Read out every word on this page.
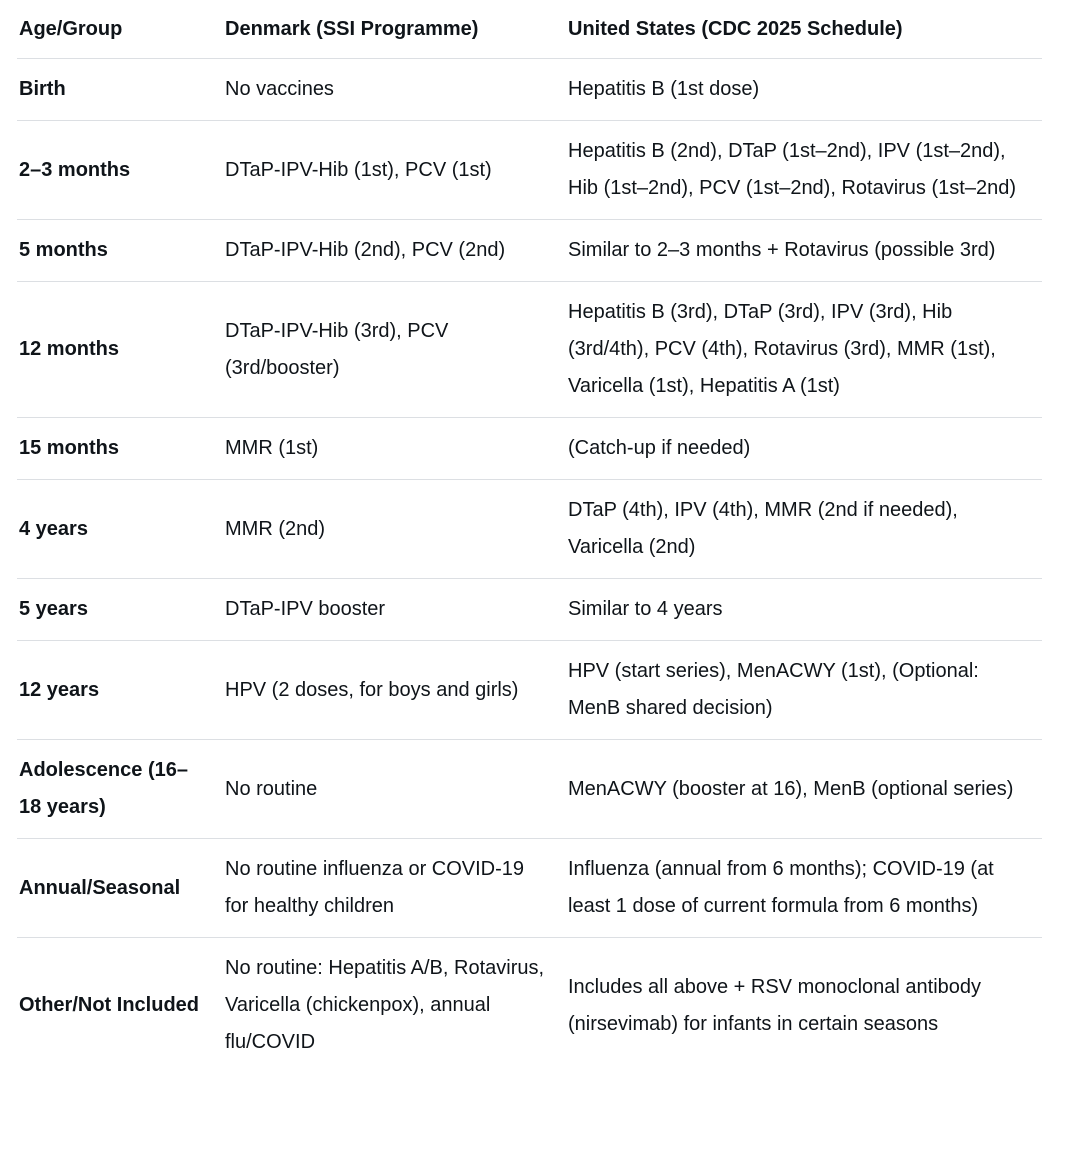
Age/Group	Denmark (SSI Programme)	United States (CDC 2025 Schedule)
Birth	No vaccines	Hepatitis B (1st dose)
2–3 months	DTaP-IPV-Hib (1st), PCV (1st)	Hepatitis B (2nd), DTaP (1st–2nd), IPV (1st–2nd), Hib (1st–2nd), PCV (1st–2nd), Rotavirus (1st–2nd)
5 months	DTaP-IPV-Hib (2nd), PCV (2nd)	Similar to 2–3 months + Rotavirus (possible 3rd)
12 months	DTaP-IPV-Hib (3rd), PCV (3rd/booster)	Hepatitis B (3rd), DTaP (3rd), IPV (3rd), Hib (3rd/4th), PCV (4th), Rotavirus (3rd), MMR (1st), Varicella (1st), Hepatitis A (1st)
15 months	MMR (1st)	(Catch-up if needed)
4 years	MMR (2nd)	DTaP (4th), IPV (4th), MMR (2nd if needed), Varicella (2nd)
5 years	DTaP-IPV booster	Similar to 4 years
12 years	HPV (2 doses, for boys and girls)	HPV (start series), MenACWY (1st), (Optional: MenB shared decision)
Adolescence (16–18 years)	No routine	MenACWY (booster at 16), MenB (optional series)
Annual/Seasonal	No routine influenza or COVID-19 for healthy children	Influenza (annual from 6 months); COVID-19 (at least 1 dose of current formula from 6 months)
Other/Not Included	No routine: Hepatitis A/B, Rotavirus, Varicella (chickenpox), annual flu/COVID	Includes all above + RSV monoclonal antibody (nirsevimab) for infants in certain seasons
